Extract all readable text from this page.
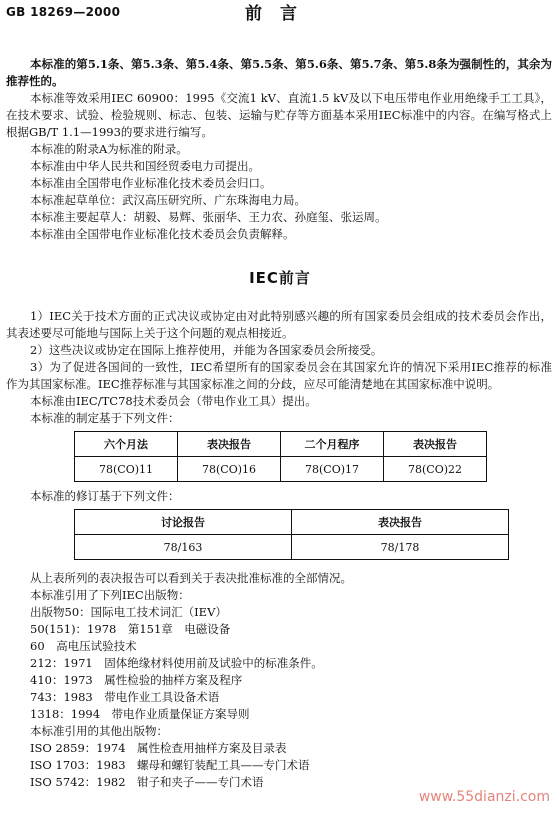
GB 18269—2000	前言

本标准的第5.1条、第5.3条、第5.4条、第5.5条、第5.6条、第5.7条、第5.8条为强制性的，其余为推荐性的。

本标准等效采用IEC 60900：1995《交流1 kV、直流1.5 kV及以下电压带电作业用绝缘手工工具》，在技术要求、试验、检验规则、标志、包装、运输与贮存等方面基本采用IEC标准中的内容。在编写格式上根据GB/T 1.1—1993的要求进行编写。

本标准的附录A为标准的附录。

本标准由中华人民共和国经贸委电力司提出。

本标准由全国带电作业标准化技术委员会归口。

本标准起草单位：武汉高压研究所、广东珠海电力局。

本标准主要起草人：胡毅、易辉、张丽华、王力农、孙庭玺、张运周。

本标准由全国带电作业标准化技术委员会负责解释。

IEC前言

1）IEC关于技术方面的正式决议或协定由对此特别感兴趣的所有国家委员会组成的技术委员会作出，其表述要尽可能地与国际上关于这个问题的观点相接近。

2）这些决议或协定在国际上推荐使用，并能为各国家委员会所接受。

3）为了促进各国间的一致性，IEC希望所有的国家委员会在其国家允许的情况下采用IEC推荐的标准作为其国家标准。IEC推荐标准与其国家标准之间的分歧，应尽可能清楚地在其国家标准中说明。

本标准由IEC/TC78技术委员会（带电作业工具）提出。

本标准的制定基于下列文件：

六个月法	表决报告	二个月程序	表决报告
78(CO)11	78(CO)16	78(CO)17	78(CO)22

本标准的修订基于下列文件：

讨论报告	表决报告
78/163	78/178

从上表所列的表决报告可以看到关于表决批准标准的全部情况。

本标准引用了下列IEC出版物：

出版物50：国际电工技术词汇（IEV）

50(151)：1978　第151章　电磁设备

60　高电压试验技术

212：1971　固体绝缘材料使用前及试验中的标准条件。

410：1973　属性检验的抽样方案及程序

743：1983　带电作业工具设备术语

1318：1994　带电作业质量保证方案导则

本标准引用的其他出版物：

ISO 2859：1974　属性检查用抽样方案及目录表

ISO 1703：1983　螺母和螺钉装配工具——专门术语

ISO 5742：1982　钳子和夹子——专门术语

www.55dianzi.com
